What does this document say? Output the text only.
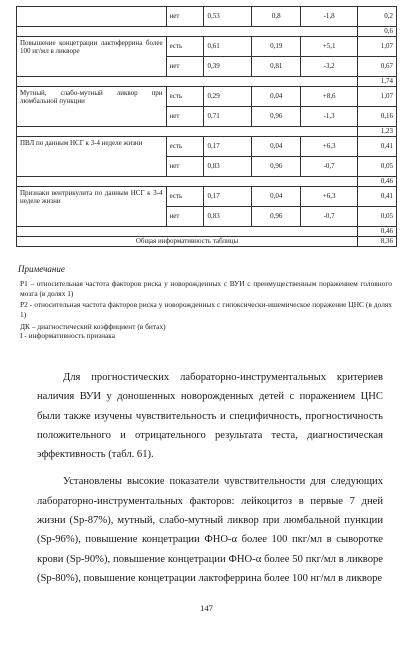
	нет	0,53	0,8	-1,8	0,2
					0,6
Повышение концетрации лактоферрина более 100 нг/мл в ликворе	есть	0,61	0,19	+5,1	1,07
	нет	0,39	0,81	-3,2	0,67
					1,74
Мутный, слабо-мутный ликвор при люмбальной пункции	есть	0,29	0,04	+8,6	1,07
	нет	0,71	0,96	-1,3	0,16
					1,23
ПВЛ по данным НСГ к 3-4 неделе жизни	есть	0,17	0,04	+6,3	0,41
	нет	0,83	0,96	-0,7	0,05
					0,46
Признаки вентрикулита по данным НСГ к 3-4 неделе жизни	есть	0,17	0,04	+6,3	0,41
	нет	0,83	0,96	-0,7	0,05
					0,46
Общая информативность таблицы					8,36
Примечание

Р1 – относительная частота факторов риска у новорожденных с ВУИ с преимущественным поражением головного мозга (в долях 1)

Р2 - относительная частота факторов риска у новорожденных с гипоксически-ишемическое поражение ЦНС (в долях 1)

ДК – диагностический коэффициент (в битах)

I - информативность признака

Для прогностических лабораторно-инструментальных критериев наличия ВУИ у доношенных новорожденных детей с поражением ЦНС были также изучены чувствительность и специфичность, прогностичность положительного и отрицательного результата теста, диагностическая эффективность (табл. 61).

Установлены высокие показатели чувствительности для следующих лабораторно-инструментальных факторов: лейкоцитоз в первые 7 дней жизни (Sp-87%), мутный, слабо-мутный ликвор при люмбальной пункции (Sp-96%), повышение концетрации ФНО-α более 100 пкг/мл в сыворотке крови (Sp-90%), повышение концетрации ФНО-α более 50 пкг/мл в ликворе (Sp-80%), повышение концетрации лактоферрина более 100 нг/мл в ликворе

147
